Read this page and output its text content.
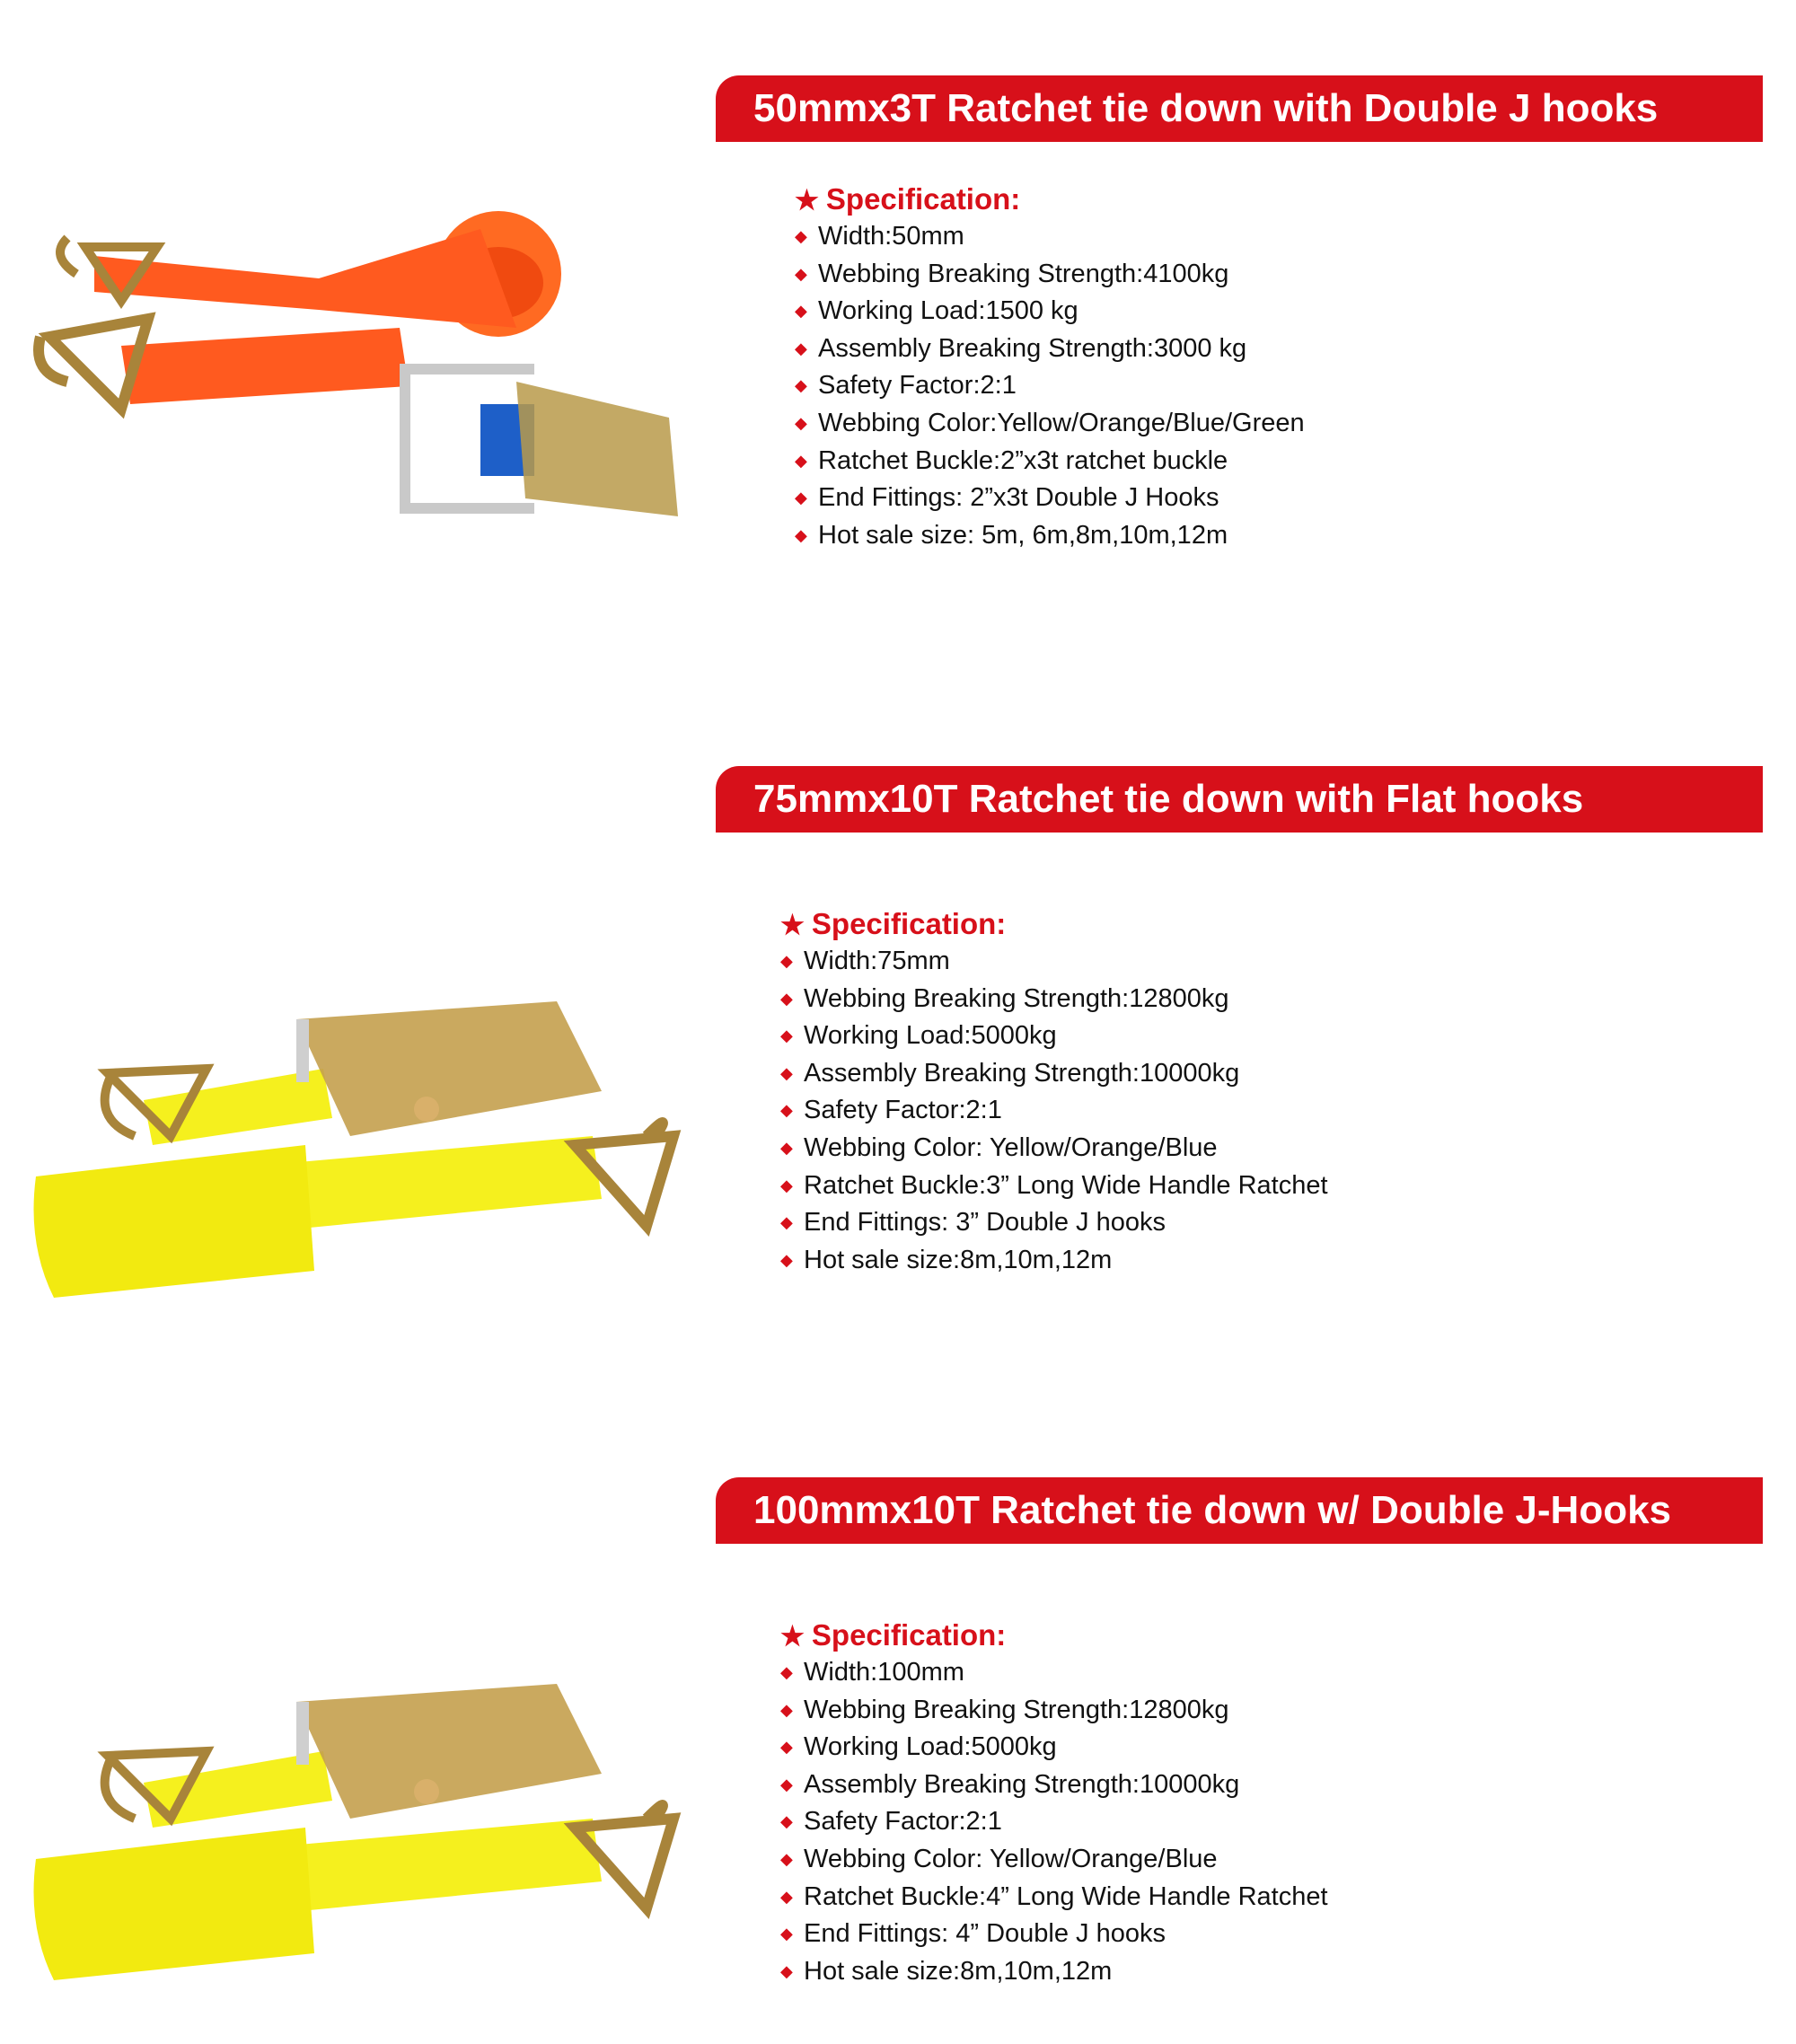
50mmx3T Ratchet tie down with Double J hooks
★ Specification:
◆ Width:50mm
◆ Webbing Breaking Strength:4100kg
◆ Working Load:1500 kg
◆ Assembly Breaking Strength:3000 kg
◆ Safety Factor:2:1
◆ Webbing Color:Yellow/Orange/Blue/Green
◆ Ratchet Buckle:2”x3t ratchet buckle
◆ End Fittings: 2”x3t Double J Hooks
◆ Hot sale size: 5m, 6m,8m,10m,12m
75mmx10T Ratchet tie down with Flat hooks
★ Specification:
◆ Width:75mm
◆ Webbing Breaking Strength:12800kg
◆ Working Load:5000kg
◆ Assembly Breaking Strength:10000kg
◆ Safety Factor:2:1
◆ Webbing Color: Yellow/Orange/Blue
◆ Ratchet Buckle:3” Long Wide Handle Ratchet
◆ End Fittings: 3” Double J hooks
◆ Hot sale size:8m,10m,12m
100mmx10T Ratchet tie down w/ Double J-Hooks
★ Specification:
◆ Width:100mm
◆ Webbing Breaking Strength:12800kg
◆ Working Load:5000kg
◆ Assembly Breaking Strength:10000kg
◆ Safety Factor:2:1
◆ Webbing Color: Yellow/Orange/Blue
◆ Ratchet Buckle:4” Long Wide Handle Ratchet
◆ End Fittings: 4” Double J hooks
◆ Hot sale size:8m,10m,12m
